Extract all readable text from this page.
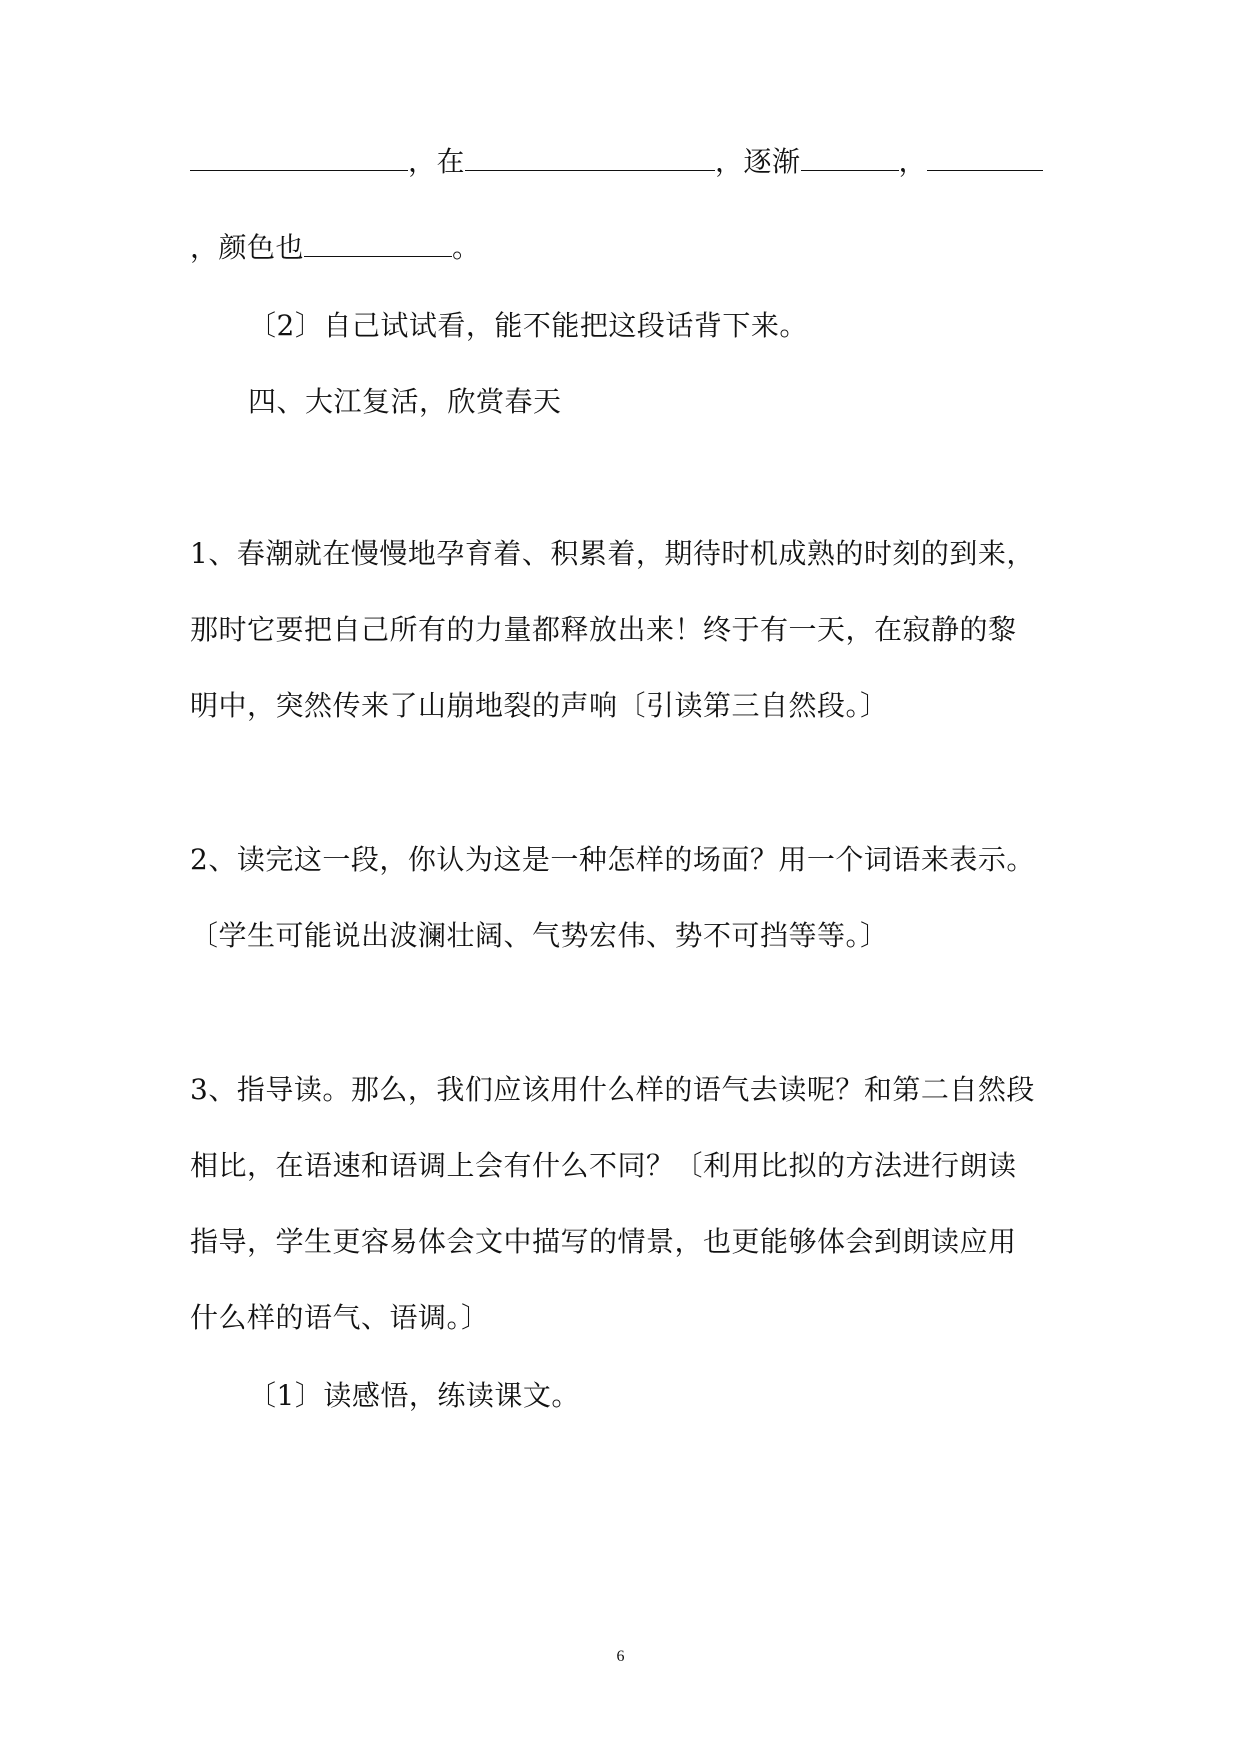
，在	，逐渐	，
，颜色也	。
〔2〕自己试试看，能不能把这段话背下来。
四、大江复活，欣赏春天
1、春潮就在慢慢地孕育着、积累着，期待时机成熟的时刻的到来，
那时它要把自己所有的力量都释放出来！终于有一天，在寂静的黎
明中，突然传来了山崩地裂的声响〔引读第三自然段。〕
2、读完这一段，你认为这是一种怎样的场面？用一个词语来表示。
〔学生可能说出波澜壮阔、气势宏伟、势不可挡等等。〕
3、指导读。那么，我们应该用什么样的语气去读呢？和第二自然段
相比，在语速和语调上会有什么不同？〔利用比拟的方法进行朗读
指导，学生更容易体会文中描写的情景，也更能够体会到朗读应用
什么样的语气、语调。〕
〔1〕读感悟，练读课文。
6
